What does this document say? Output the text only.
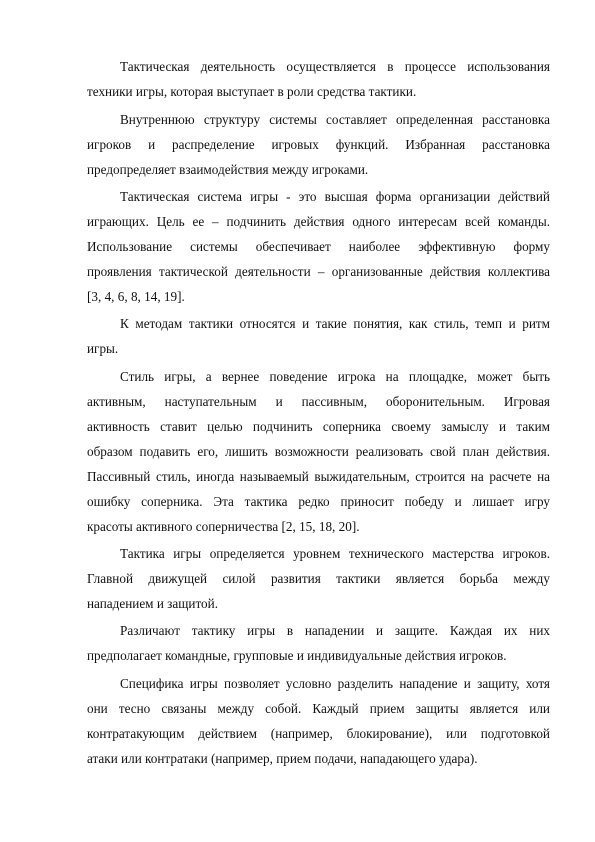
Тактическая деятельность осуществляется в процессе использования
техники игры, которая выступает в роли средства тактики.
Внутреннюю структуру системы составляет определенная расстановка
игроков и распределение игровых функций. Избранная расстановка
предопределяет взаимодействия между игроками.
Тактическая система игры - это высшая форма организации действий
играющих. Цель ее – подчинить действия одного интересам всей команды.
Использование системы обеспечивает наиболее эффективную форму
проявления тактической деятельности – организованные действия коллектива
[3, 4, 6, 8, 14, 19].
К методам тактики относятся и такие понятия, как стиль, темп и ритм
игры.
Стиль игры, а вернее поведение игрока на площадке, может быть
активным, наступательным и пассивным, оборонительным. Игровая
активность ставит целью подчинить соперника своему замыслу и таким
образом подавить его, лишить возможности реализовать свой план действия.
Пассивный стиль, иногда называемый выжидательным, строится на расчете на
ошибку соперника. Эта тактика редко приносит победу и лишает игру
красоты активного соперничества [2, 15, 18, 20].
Тактика игры определяется уровнем технического мастерства игроков.
Главной движущей силой развития тактики является борьба между
нападением и защитой.
Различают тактику игры в нападении и защите. Каждая их них
предполагает командные, групповые и индивидуальные действия игроков.
Специфика игры позволяет условно разделить нападение и защиту, хотя
они тесно связаны между собой. Каждый прием защиты является или
контратакующим действием (например, блокирование), или подготовкой
атаки или контратаки (например, прием подачи, нападающего удара).
